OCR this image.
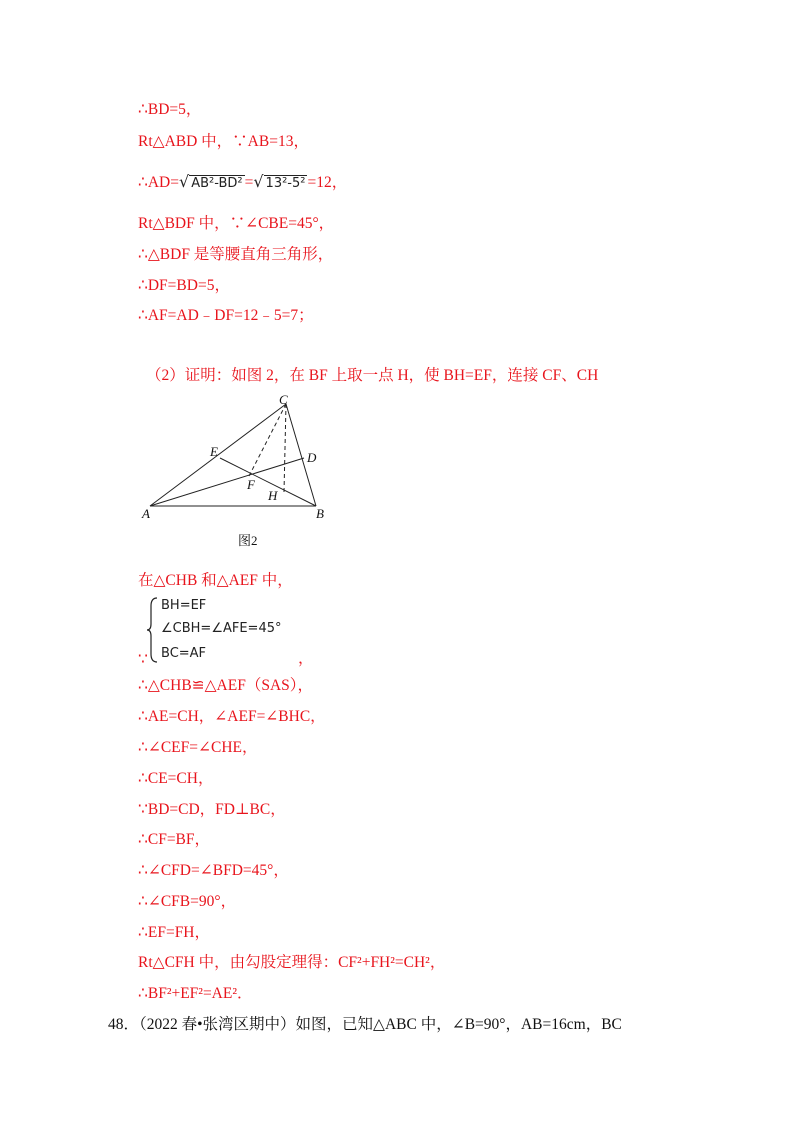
∴BD=5，
Rt△ABD 中，∵AB=13，
∴AD=√ AB²-BD² =√ 13²-5² =12，
Rt△BDF 中，∵∠CBE=45°，
∴△BDF 是等腰直角三角形，
∴DF=BD=5，
∴AF=AD﹣DF=12﹣5=7；
（2）证明：如图 2，在 BF 上取一点 H，使 BH=EF，连接 CF、CH
C
E	D
F
H
A	B
图2
在△CHB 和△AEF 中，
BH=EF
∠CBH=∠AFE=45°
BC=AF
∵	，
∴△CHB≌△AEF（SAS），
∴AE=CH，∠AEF=∠BHC，
∴∠CEF=∠CHE，
∴CE=CH，
∵BD=CD，FD⊥BC，
∴CF=BF，
∴∠CFD=∠BFD=45°，
∴∠CFB=90°，
∴EF=FH，
Rt△CFH 中，由勾股定理得：CF²+FH²=CH²，
∴BF²+EF²=AE²．
48．（2022 春•张湾区期中）如图，已知△ABC 中，∠B=90°，AB=16cm，BC
